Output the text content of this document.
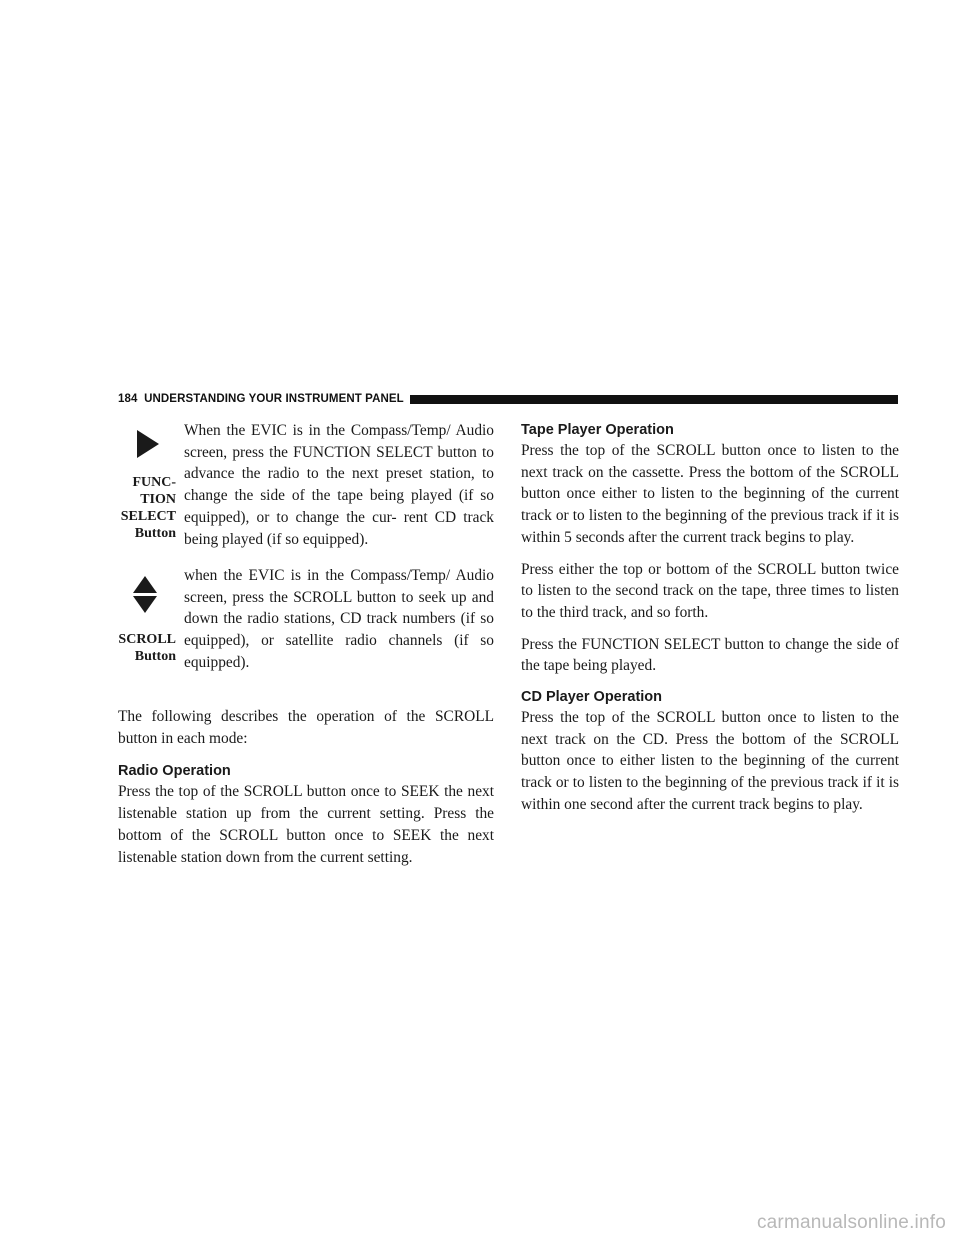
184 UNDERSTANDING YOUR INSTRUMENT PANEL
FUNC-
TION
SELECT
Button
When the EVIC is in the Compass/Temp/ Audio screen, press the FUNCTION SELECT button to advance the radio to the next preset station, to change the side of the tape being played (if so equipped), or to change the cur- rent CD track being played (if so equipped).
SCROLL
Button
when the EVIC is in the Compass/Temp/ Audio screen, press the SCROLL button to seek up and down the radio stations, CD track numbers (if so equipped), or satellite radio channels (if so equipped).

The following describes the operation of the SCROLL button in each mode:

Radio Operation

Press the top of the SCROLL button once to SEEK the next listenable station up from the current setting. Press the bottom of the SCROLL button once to SEEK the next listenable station down from the current setting.

Tape Player Operation

Press the top of the SCROLL button once to listen to the next track on the cassette. Press the bottom of the SCROLL button once either to listen to the beginning of the current track or to listen to the beginning of the previous track if it is within 5 seconds after the current track begins to play.

Press either the top or bottom of the SCROLL button twice to listen to the second track on the tape, three times to listen to the third track, and so forth.

Press the FUNCTION SELECT button to change the side of the tape being played.

CD Player Operation

Press the top of the SCROLL button once to listen to the next track on the CD. Press the bottom of the SCROLL button once to either listen to the beginning of the current track or to listen to the beginning of the previous track if it is within one second after the current track begins to play.

carmanualsonline.info
